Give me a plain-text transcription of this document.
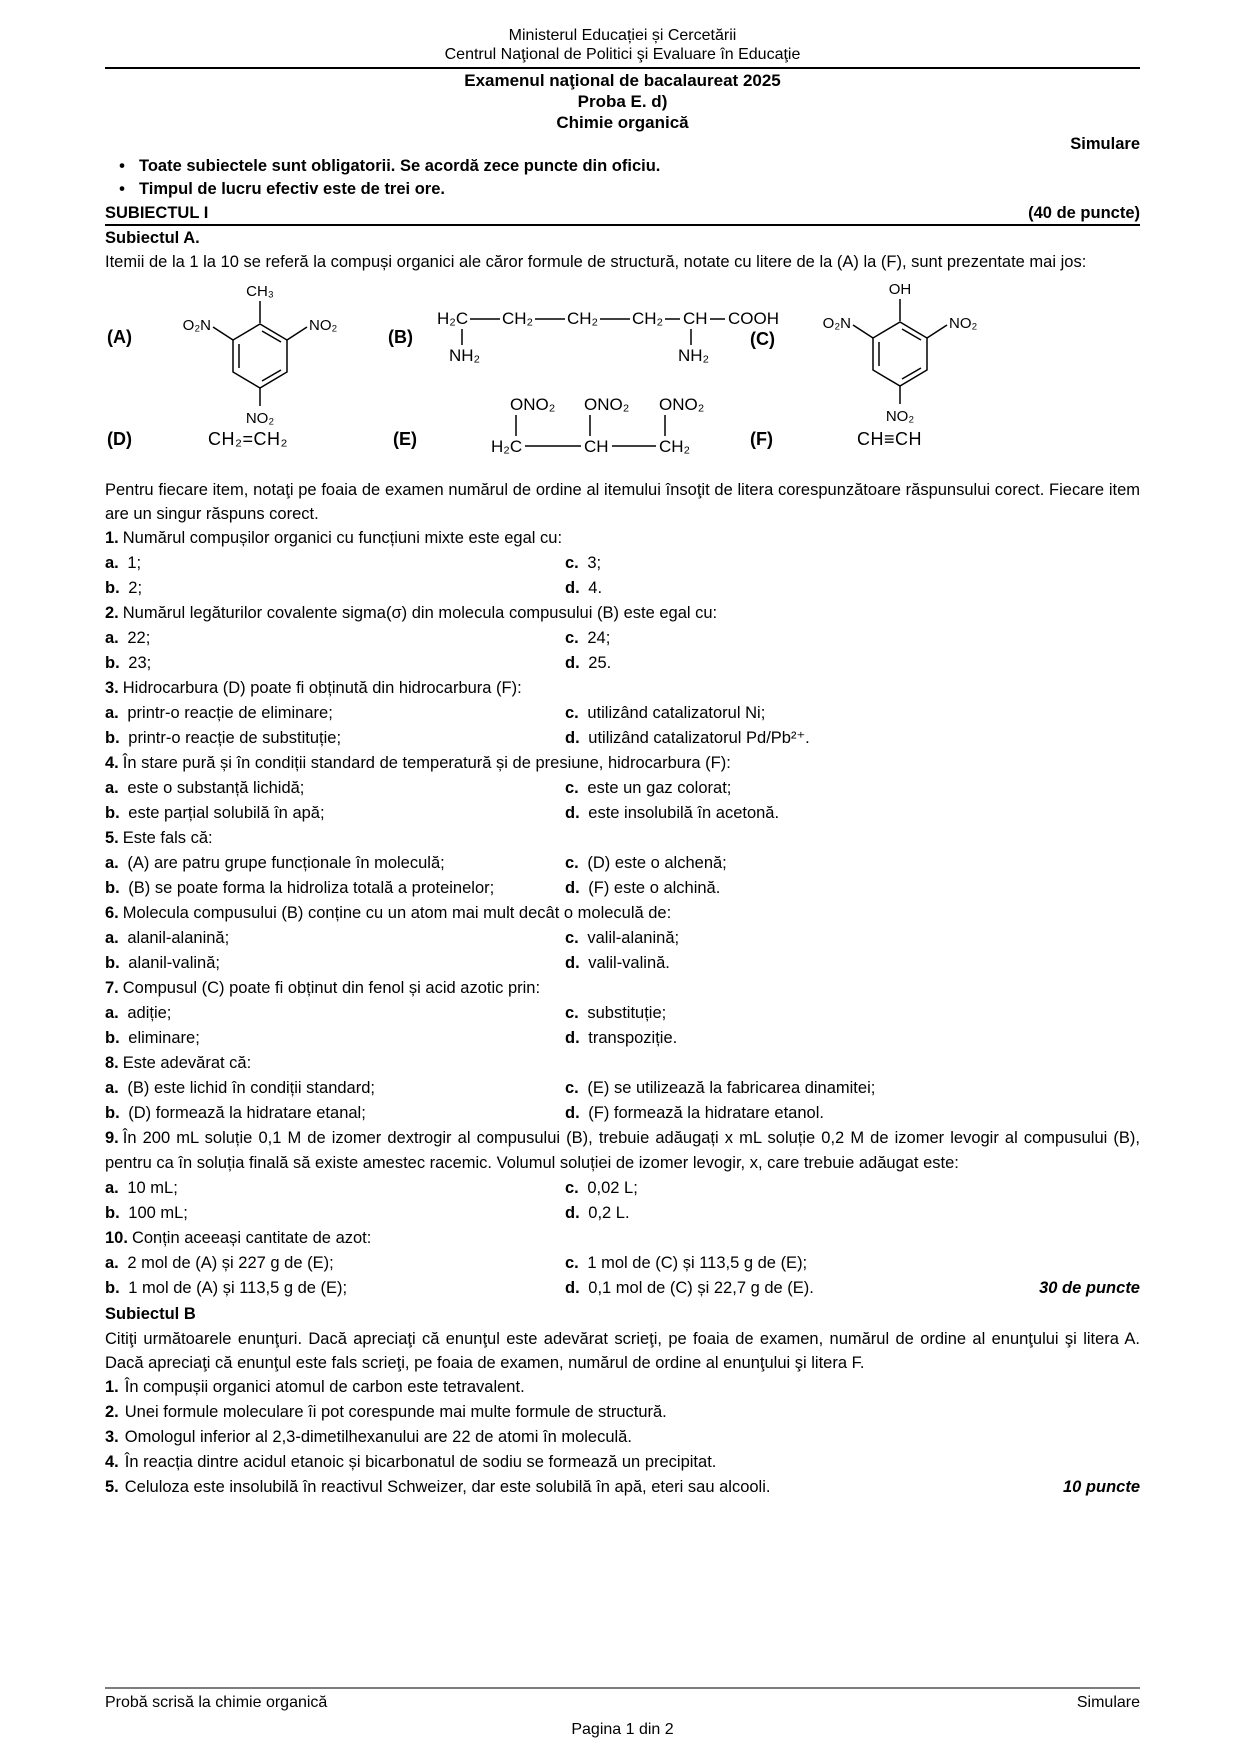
Ministerul Educației și Cercetării
Centrul Naţional de Politici şi Evaluare în Educaţie
Examenul naţional de bacalaureat 2025
Proba E. d)
Chimie organică
Simulare
• Toate subiectele sunt obligatorii. Se acordă zece puncte din oficiu.
• Timpul de lucru efectiv este de trei ore.
SUBIECTUL I	(40 de puncte)
Subiectul A.
Itemii de la 1 la 10 se referă la compuși organici ale căror formule de structură, notate cu litere de la (A) la (F), sunt prezentate mai jos:
(A)
CH₃
O₂N	NO₂
NO₂
(B)
H₂C CH₂ CH₂ CH₂ CH COOH
NH₂	NH₂
(C)
OH
O₂N	NO₂
NO₂
(D)	CH₂=CH₂	(E)
ONO₂ ONO₂ ONO₂
H₂C	CH	CH₂	(F)	CH≡CH
Pentru fiecare item, notaţi pe foaia de examen numărul de ordine al itemului însoţit de litera corespunzătoare răspunsului corect. Fiecare item are un singur răspuns corect.
1. Numărul compușilor organici cu funcțiuni mixte este egal cu:
a. 1;	c. 3;
b. 2;	d. 4.
2. Numărul legăturilor covalente sigma(σ) din molecula compusului (B) este egal cu:
a. 22;	c. 24;
b. 23;	d. 25.
3. Hidrocarbura (D) poate fi obținută din hidrocarbura (F):
a. printr-o reacție de eliminare;	c. utilizând catalizatorul Ni;
b. printr-o reacție de substituție;	d. utilizând catalizatorul Pd/Pb²⁺.
4. În stare pură și în condiții standard de temperatură și de presiune, hidrocarbura (F):
a. este o substanță lichidă;	c. este un gaz colorat;
b. este parțial solubilă în apă;	d. este insolubilă în acetonă.
5. Este fals că:
a. (A) are patru grupe funcționale în moleculă;	c. (D) este o alchenă;
b. (B) se poate forma la hidroliza totală a proteinelor;	d. (F) este o alchină.
6. Molecula compusului (B) conține cu un atom mai mult decât o moleculă de:
a. alanil-alanină;	c. valil-alanină;
b. alanil-valină;	d. valil-valină.
7. Compusul (C) poate fi obținut din fenol și acid azotic prin:
a. adiție;	c. substituție;
b. eliminare;	d. transpoziție.
8. Este adevărat că:
a. (B) este lichid în condiții standard;	c. (E) se utilizează la fabricarea dinamitei;
b. (D) formează la hidratare etanal;	d. (F) formează la hidratare etanol.
9. În 200 mL soluție 0,1 M de izomer dextrogir al compusului (B), trebuie adăugați x mL soluție 0,2 M de izomer levogir al compusului (B), pentru ca în soluția finală să existe amestec racemic. Volumul soluției de izomer levogir, x, care trebuie adăugat este:
a. 10 mL;	c. 0,02 L;
b. 100 mL;	d. 0,2 L.
10. Conțin aceeași cantitate de azot:
a. 2 mol de (A) și 227 g de (E);	c. 1 mol de (C) și 113,5 g de (E);
b. 1 mol de (A) și 113,5 g de (E);	d. 0,1 mol de (C) și 22,7 g de (E).	30 de puncte
Subiectul B
Citiţi următoarele enunţuri. Dacă apreciaţi că enunţul este adevărat scrieţi, pe foaia de examen, numărul de ordine al enunţului şi litera A. Dacă apreciaţi că enunţul este fals scrieţi, pe foaia de examen, numărul de ordine al enunţului şi litera F.
1. În compușii organici atomul de carbon este tetravalent.
2. Unei formule moleculare îi pot corespunde mai multe formule de structură.
3. Omologul inferior al 2,3-dimetilhexanului are 22 de atomi în moleculă.
4. În reacția dintre acidul etanoic și bicarbonatul de sodiu se formează un precipitat.
5. Celuloza este insolubilă în reactivul Schweizer, dar este solubilă în apă, eteri sau alcooli.	10 puncte
Probă scrisă la chimie organică	Simulare
Pagina 1 din 2
